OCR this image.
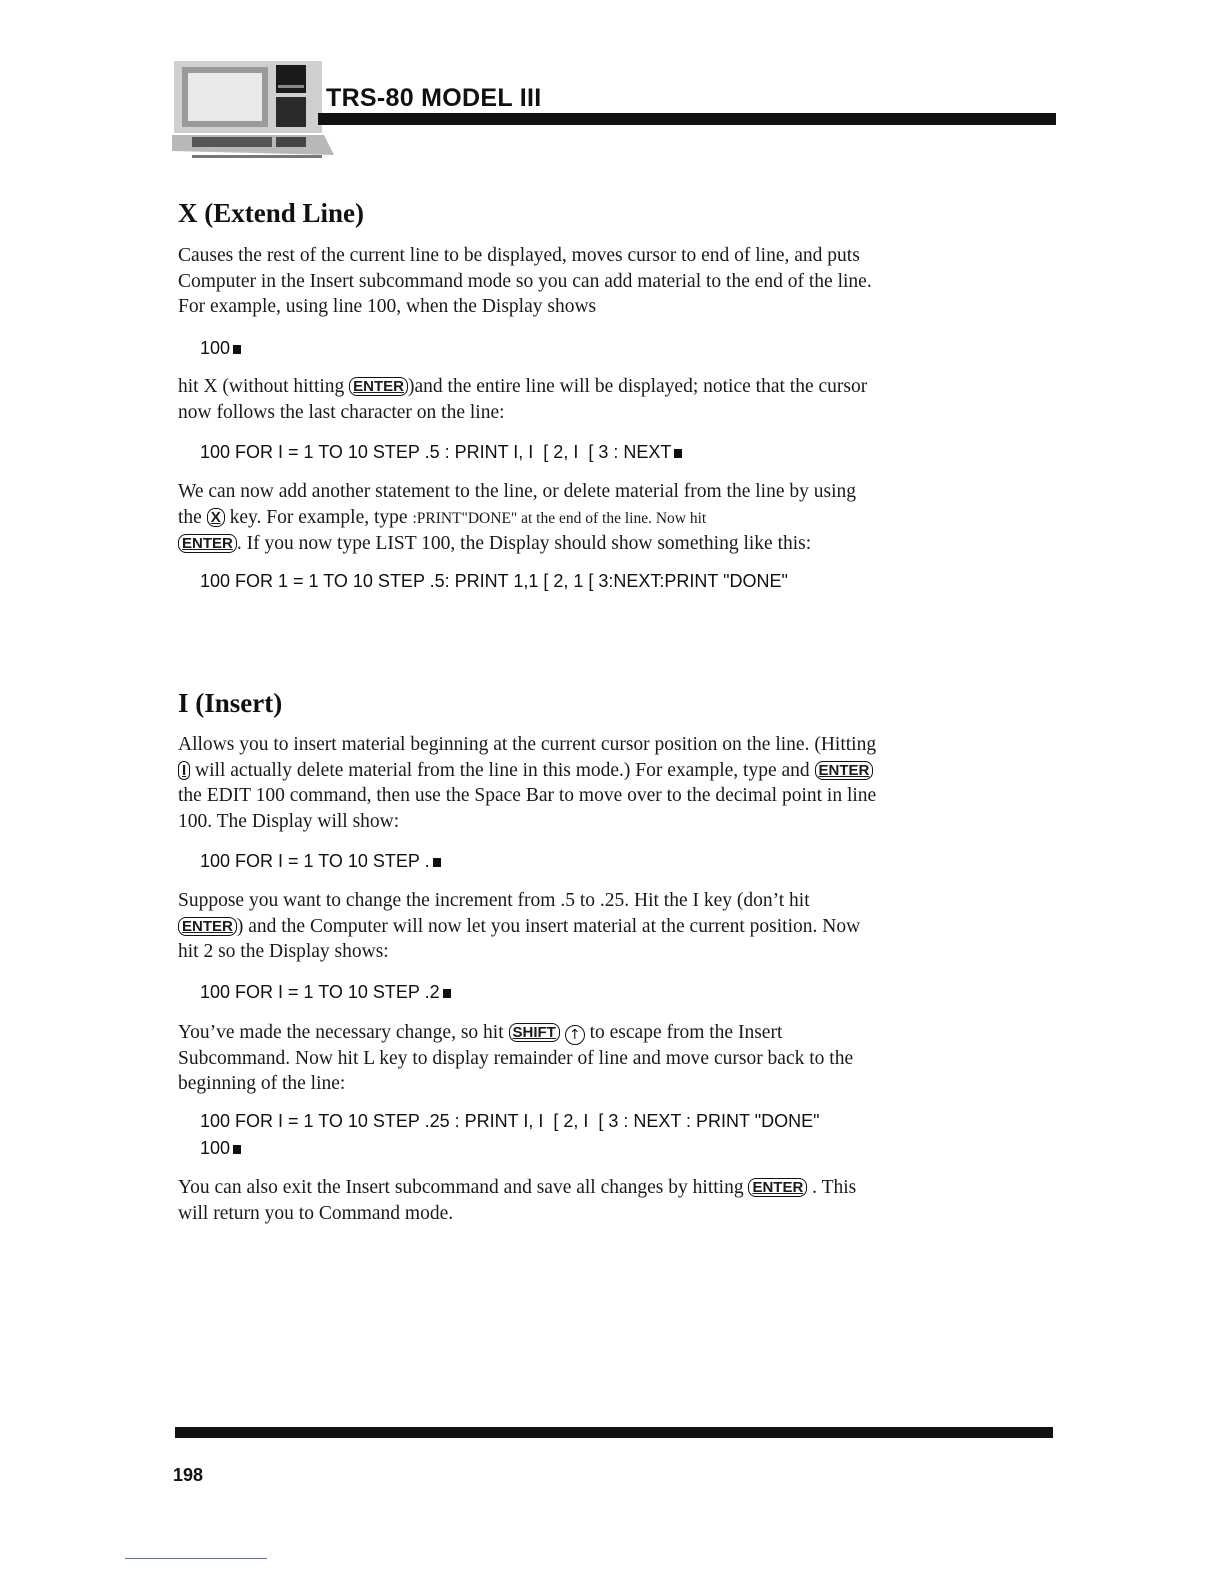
TRS-80 MODEL III
X (Extend Line)

Causes the rest of the current line to be displayed, moves cursor to end of line, and puts Computer in the Insert subcommand mode so you can add material to the end of the line. For example, using line 100, when the Display shows

100

hit X (without hitting ENTER )and the entire line will be displayed; notice that the cursor now follows the last character on the line:

100 FOR I = 1 TO 10 STEP .5 : PRINT I, I  [ 2, I  [ 3 : NEXT

We can now add another statement to the line, or delete material from the line by using the X key. For example, type :PRINT"DONE" at the end of the line. Now hit
ENTER . If you now type LIST 100, the Display should show something like this:

100 FOR 1 = 1 TO 10 STEP .5: PRINT 1,1 [ 2, 1 [ 3:NEXT:PRINT "DONE"
I (Insert)

Allows you to insert material beginning at the current cursor position on the line. (Hitting I will actually delete material from the line in this mode.) For example, type and ENTER the EDIT 100 command, then use the Space Bar to move over to the decimal point in line 100. The Display will show:

100 FOR I = 1 TO 10 STEP .

Suppose you want to change the increment from .5 to .25. Hit the I key (don’t hit
ENTER ) and the Computer will now let you insert material at the current position. Now hit 2 so the Display shows:

100 FOR I = 1 TO 10 STEP .2

You’ve made the necessary change, so hit SHIFT ↑ to escape from the Insert Subcommand. Now hit L key to display remainder of line and move cursor back to the beginning of the line:

100 FOR I = 1 TO 10 STEP .25 : PRINT I, I  [ 2, I  [ 3 : NEXT : PRINT "DONE"
100

You can also exit the Insert subcommand and save all changes by hitting ENTER . This will return you to Command mode.

198
